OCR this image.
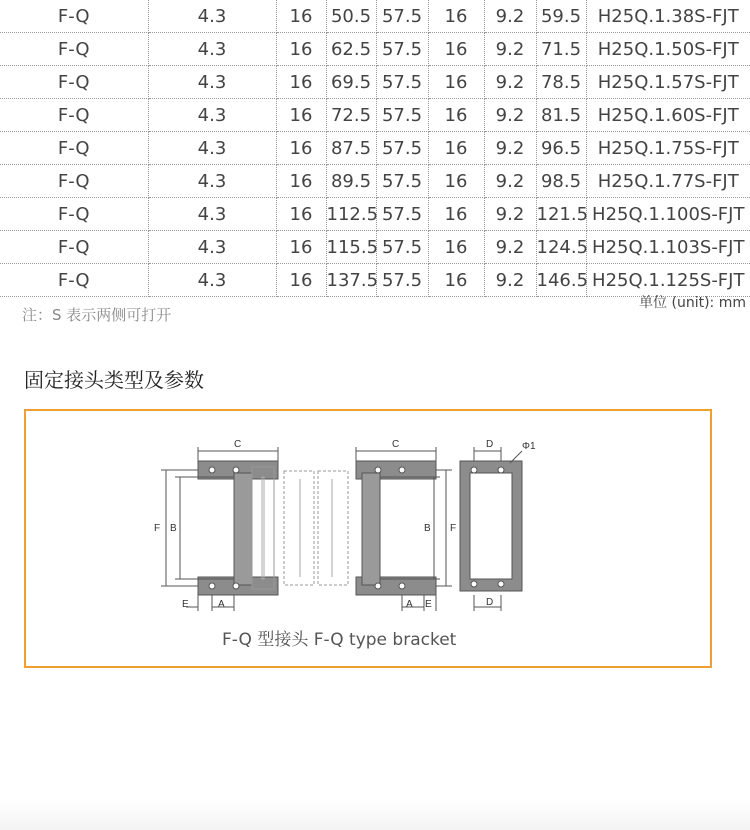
F-Q	4.3	16	50.5	57.5	16	9.2	59.5	H25Q.1.38S-FJT
F-Q	4.3	16	62.5	57.5	16	9.2	71.5	H25Q.1.50S-FJT
F-Q	4.3	16	69.5	57.5	16	9.2	78.5	H25Q.1.57S-FJT
F-Q	4.3	16	72.5	57.5	16	9.2	81.5	H25Q.1.60S-FJT
F-Q	4.3	16	87.5	57.5	16	9.2	96.5	H25Q.1.75S-FJT
F-Q	4.3	16	89.5	57.5	16	9.2	98.5	H25Q.1.77S-FJT
F-Q	4.3	16	112.5	57.5	16	9.2	121.5	H25Q.1.100S-FJT
F-Q	4.3	16	115.5	57.5	16	9.2	124.5	H25Q.1.103S-FJT
F-Q	4.3	16	137.5	57.5	16	9.2	146.5	H25Q.1.125S-FJT
注：S 表示两侧可打开
单位 (unit): mm
固定接头类型及参数
C	C
F B	B F
E	A	A E
D
D
Φ1
F-Q 型接头 F-Q type bracket
